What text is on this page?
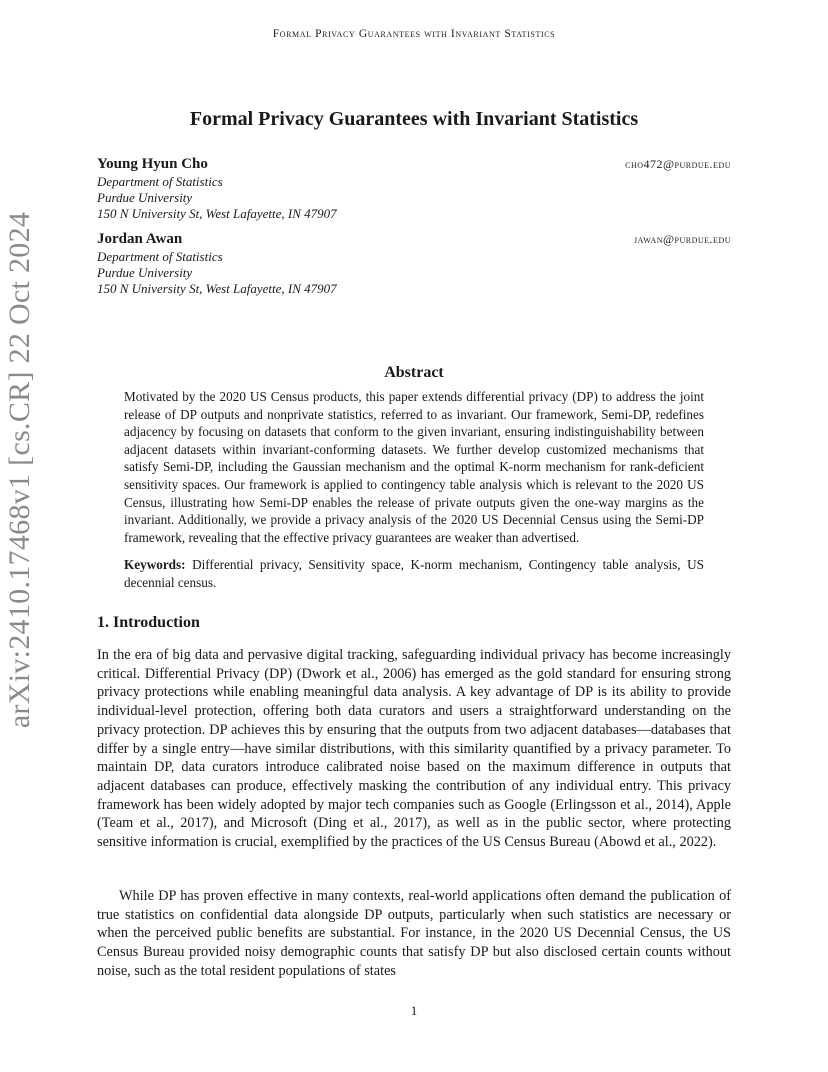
Formal Privacy Guarantees with Invariant Statistics
arXiv:2410.17468v1 [cs.CR] 22 Oct 2024
Formal Privacy Guarantees with Invariant Statistics
Young Hyun Cho	cho472@purdue.edu
Department of Statistics
Purdue University
150 N University St, West Lafayette, IN 47907
Jordan Awan	jawan@purdue.edu
Department of Statistics
Purdue University
150 N University St, West Lafayette, IN 47907
Abstract
Motivated by the 2020 US Census products, this paper extends differential privacy (DP) to address the joint release of DP outputs and nonprivate statistics, referred to as invariant. Our framework, Semi-DP, redefines adjacency by focusing on datasets that conform to the given invariant, ensuring indistinguishability between adjacent datasets within invariant-conforming datasets. We further develop customized mechanisms that satisfy Semi-DP, including the Gaussian mechanism and the optimal K-norm mechanism for rank-deficient sensitivity spaces. Our framework is applied to contingency table analysis which is relevant to the 2020 US Census, illustrating how Semi-DP enables the release of private outputs given the one-way margins as the invariant. Additionally, we provide a privacy analysis of the 2020 US Decennial Census using the Semi-DP framework, revealing that the effective privacy guarantees are weaker than advertised.
Keywords: Differential privacy, Sensitivity space, K-norm mechanism, Contingency table analysis, US decennial census.
1. Introduction
In the era of big data and pervasive digital tracking, safeguarding individual privacy has become increasingly critical. Differential Privacy (DP) (Dwork et al., 2006) has emerged as the gold standard for ensuring strong privacy protections while enabling meaningful data analysis. A key advantage of DP is its ability to provide individual-level protection, offering both data curators and users a straightforward understanding on the privacy protection. DP achieves this by ensuring that the outputs from two adjacent databases—databases that differ by a single entry—have similar distributions, with this similarity quantified by a privacy parameter. To maintain DP, data curators introduce calibrated noise based on the maximum difference in outputs that adjacent databases can produce, effectively masking the contribution of any individual entry. This privacy framework has been widely adopted by major tech companies such as Google (Erlingsson et al., 2014), Apple (Team et al., 2017), and Microsoft (Ding et al., 2017), as well as in the public sector, where protecting sensitive information is crucial, exemplified by the practices of the US Census Bureau (Abowd et al., 2022).
While DP has proven effective in many contexts, real-world applications often demand the publication of true statistics on confidential data alongside DP outputs, particularly when such statistics are necessary or when the perceived public benefits are substantial. For instance, in the 2020 US Decennial Census, the US Census Bureau provided noisy demographic counts that satisfy DP but also disclosed certain counts without noise, such as the total resident populations of states
1
